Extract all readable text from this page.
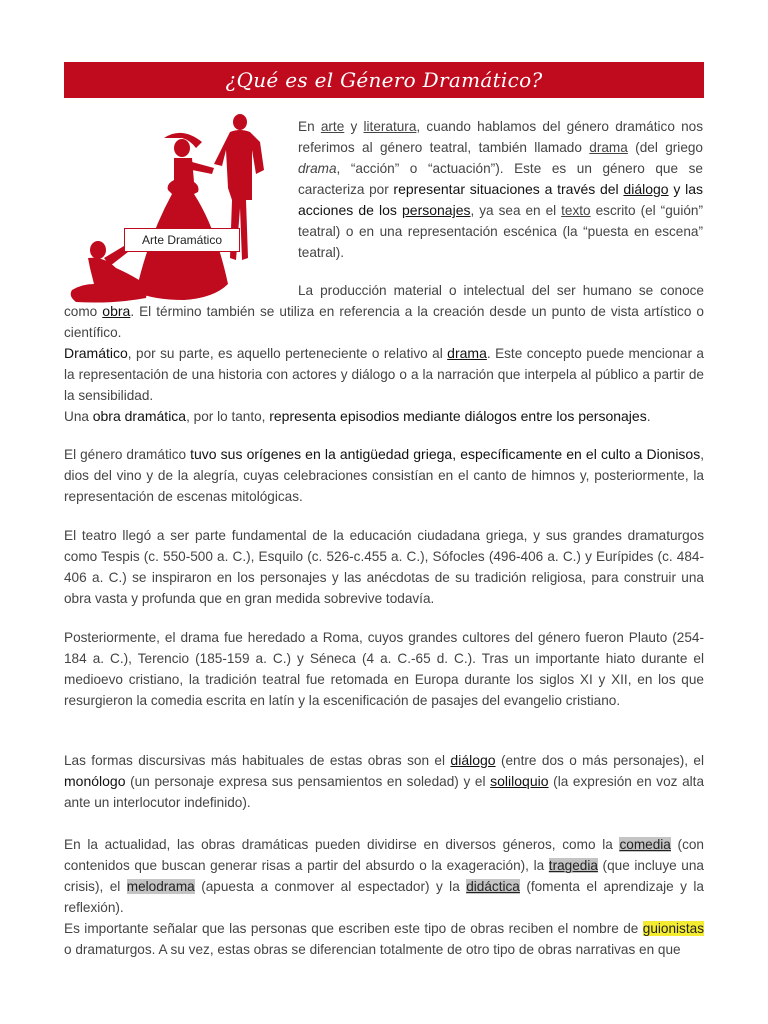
¿Qué es el Género Dramático?
Arte Dramático

En arte y literatura, cuando hablamos del género dramático nos referimos al género teatral, también llamado drama (del griego drama, “acción” o “actuación”). Este es un género que se caracteriza por representar situaciones a través del diálogo y las acciones de los personajes, ya sea en el texto escrito (el “guión” teatral) o en una representación escénica (la “puesta en escena” teatral).

La producción material o intelectual del ser humano se conoce como obra. El término también se utiliza en referencia a la creación desde un punto de vista artístico o científico.

Dramático, por su parte, es aquello perteneciente o relativo al drama. Este concepto puede mencionar a la representación de una historia con actores y diálogo o a la narración que interpela al público a partir de la sensibilidad.

Una obra dramática, por lo tanto, representa episodios mediante diálogos entre los personajes.

El género dramático tuvo sus orígenes en la antigüedad griega, específicamente en el culto a Dionisos, dios del vino y de la alegría, cuyas celebraciones consistían en el canto de himnos y, posteriormente, la representación de escenas mitológicas.

El teatro llegó a ser parte fundamental de la educación ciudadana griega, y sus grandes dramaturgos como Tespis (c. 550-500 a. C.), Esquilo (c. 526-c.455 a. C.), Sófocles (496-406 a. C.) y Eurípides (c. 484-406 a. C.) se inspiraron en los personajes y las anécdotas de su tradición religiosa, para construir una obra vasta y profunda que en gran medida sobrevive todavía.

Posteriormente, el drama fue heredado a Roma, cuyos grandes cultores del género fueron Plauto (254-184 a. C.), Terencio (185-159 a. C.) y Séneca (4 a. C.-65 d. C.). Tras un importante hiato durante el medioevo cristiano, la tradición teatral fue retomada en Europa durante los siglos XI y XII, en los que resurgieron la comedia escrita en latín y la escenificación de pasajes del evangelio cristiano.

Las formas discursivas más habituales de estas obras son el diálogo (entre dos o más personajes), el monólogo (un personaje expresa sus pensamientos en soledad) y el soliloquio (la expresión en voz alta ante un interlocutor indefinido).

En la actualidad, las obras dramáticas pueden dividirse en diversos géneros, como la comedia (con contenidos que buscan generar risas a partir del absurdo o la exageración), la tragedia (que incluye una crisis), el melodrama (apuesta a conmover al espectador) y la didáctica (fomenta el aprendizaje y la reflexión).

Es importante señalar que las personas que escriben este tipo de obras reciben el nombre de guionistas o dramaturgos. A su vez, estas obras se diferencian totalmente de otro tipo de obras narrativas en que
